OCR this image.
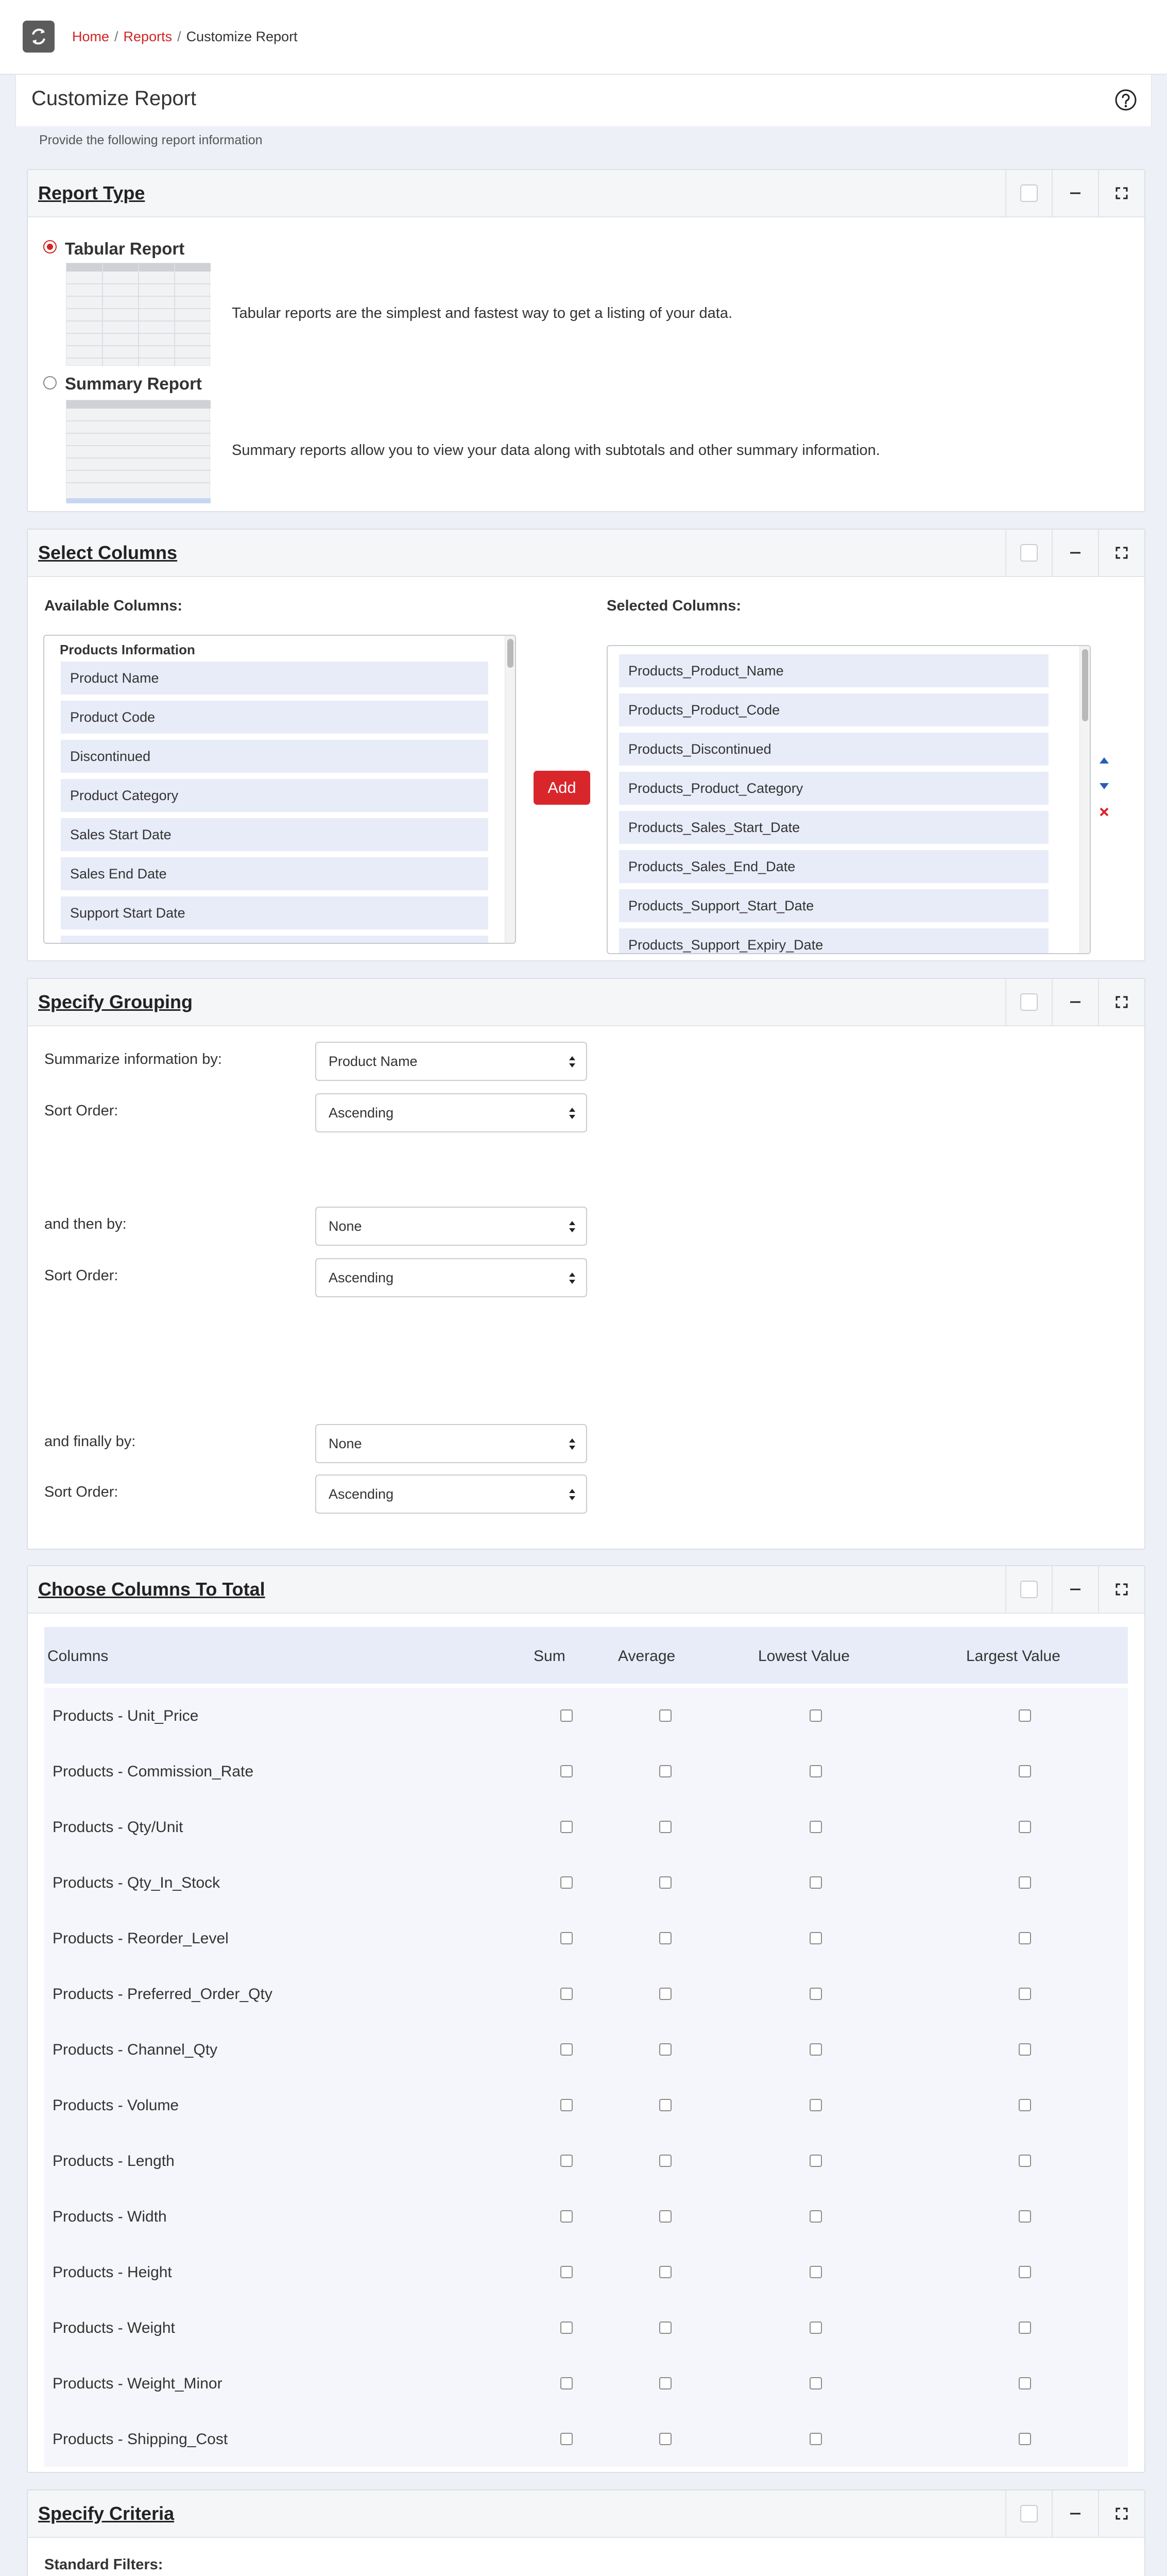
Home / Reports / Customize Report
Customize Report
Provide the following report information
Report Type
Tabular Report
Tabular reports are the simplest and fastest way to get a listing of your data.
Summary Report
Summary reports allow you to view your data along with subtotals and other summary information.
Select Columns
Available Columns:	Selected Columns:
Products Information
Product Name
Product Code
Discontinued
Product Category
Sales Start Date
Sales End Date
Support Start Date
Add
Products_Product_Name
Products_Product_Code
Products_Discontinued
Products_Product_Category
Products_Sales_Start_Date
Products_Sales_End_Date
Products_Support_Start_Date
Products_Support_Expiry_Date
Specify Grouping
Summarize information by:	Product Name
Sort Order:	Ascending
and then by:	None
Sort Order:	Ascending
and finally by:	None
Sort Order:	Ascending
Choose Columns To Total
Columns	Sum	Average	Lowest Value	Largest Value
Products - Unit_Price
Products - Commission_Rate
Products - Qty/Unit
Products - Qty_In_Stock
Products - Reorder_Level
Products - Preferred_Order_Qty
Products - Channel_Qty
Products - Volume
Products - Length
Products - Width
Products - Height
Products - Weight
Products - Weight_Minor
Products - Shipping_Cost
Specify Criteria
Standard Filters:
